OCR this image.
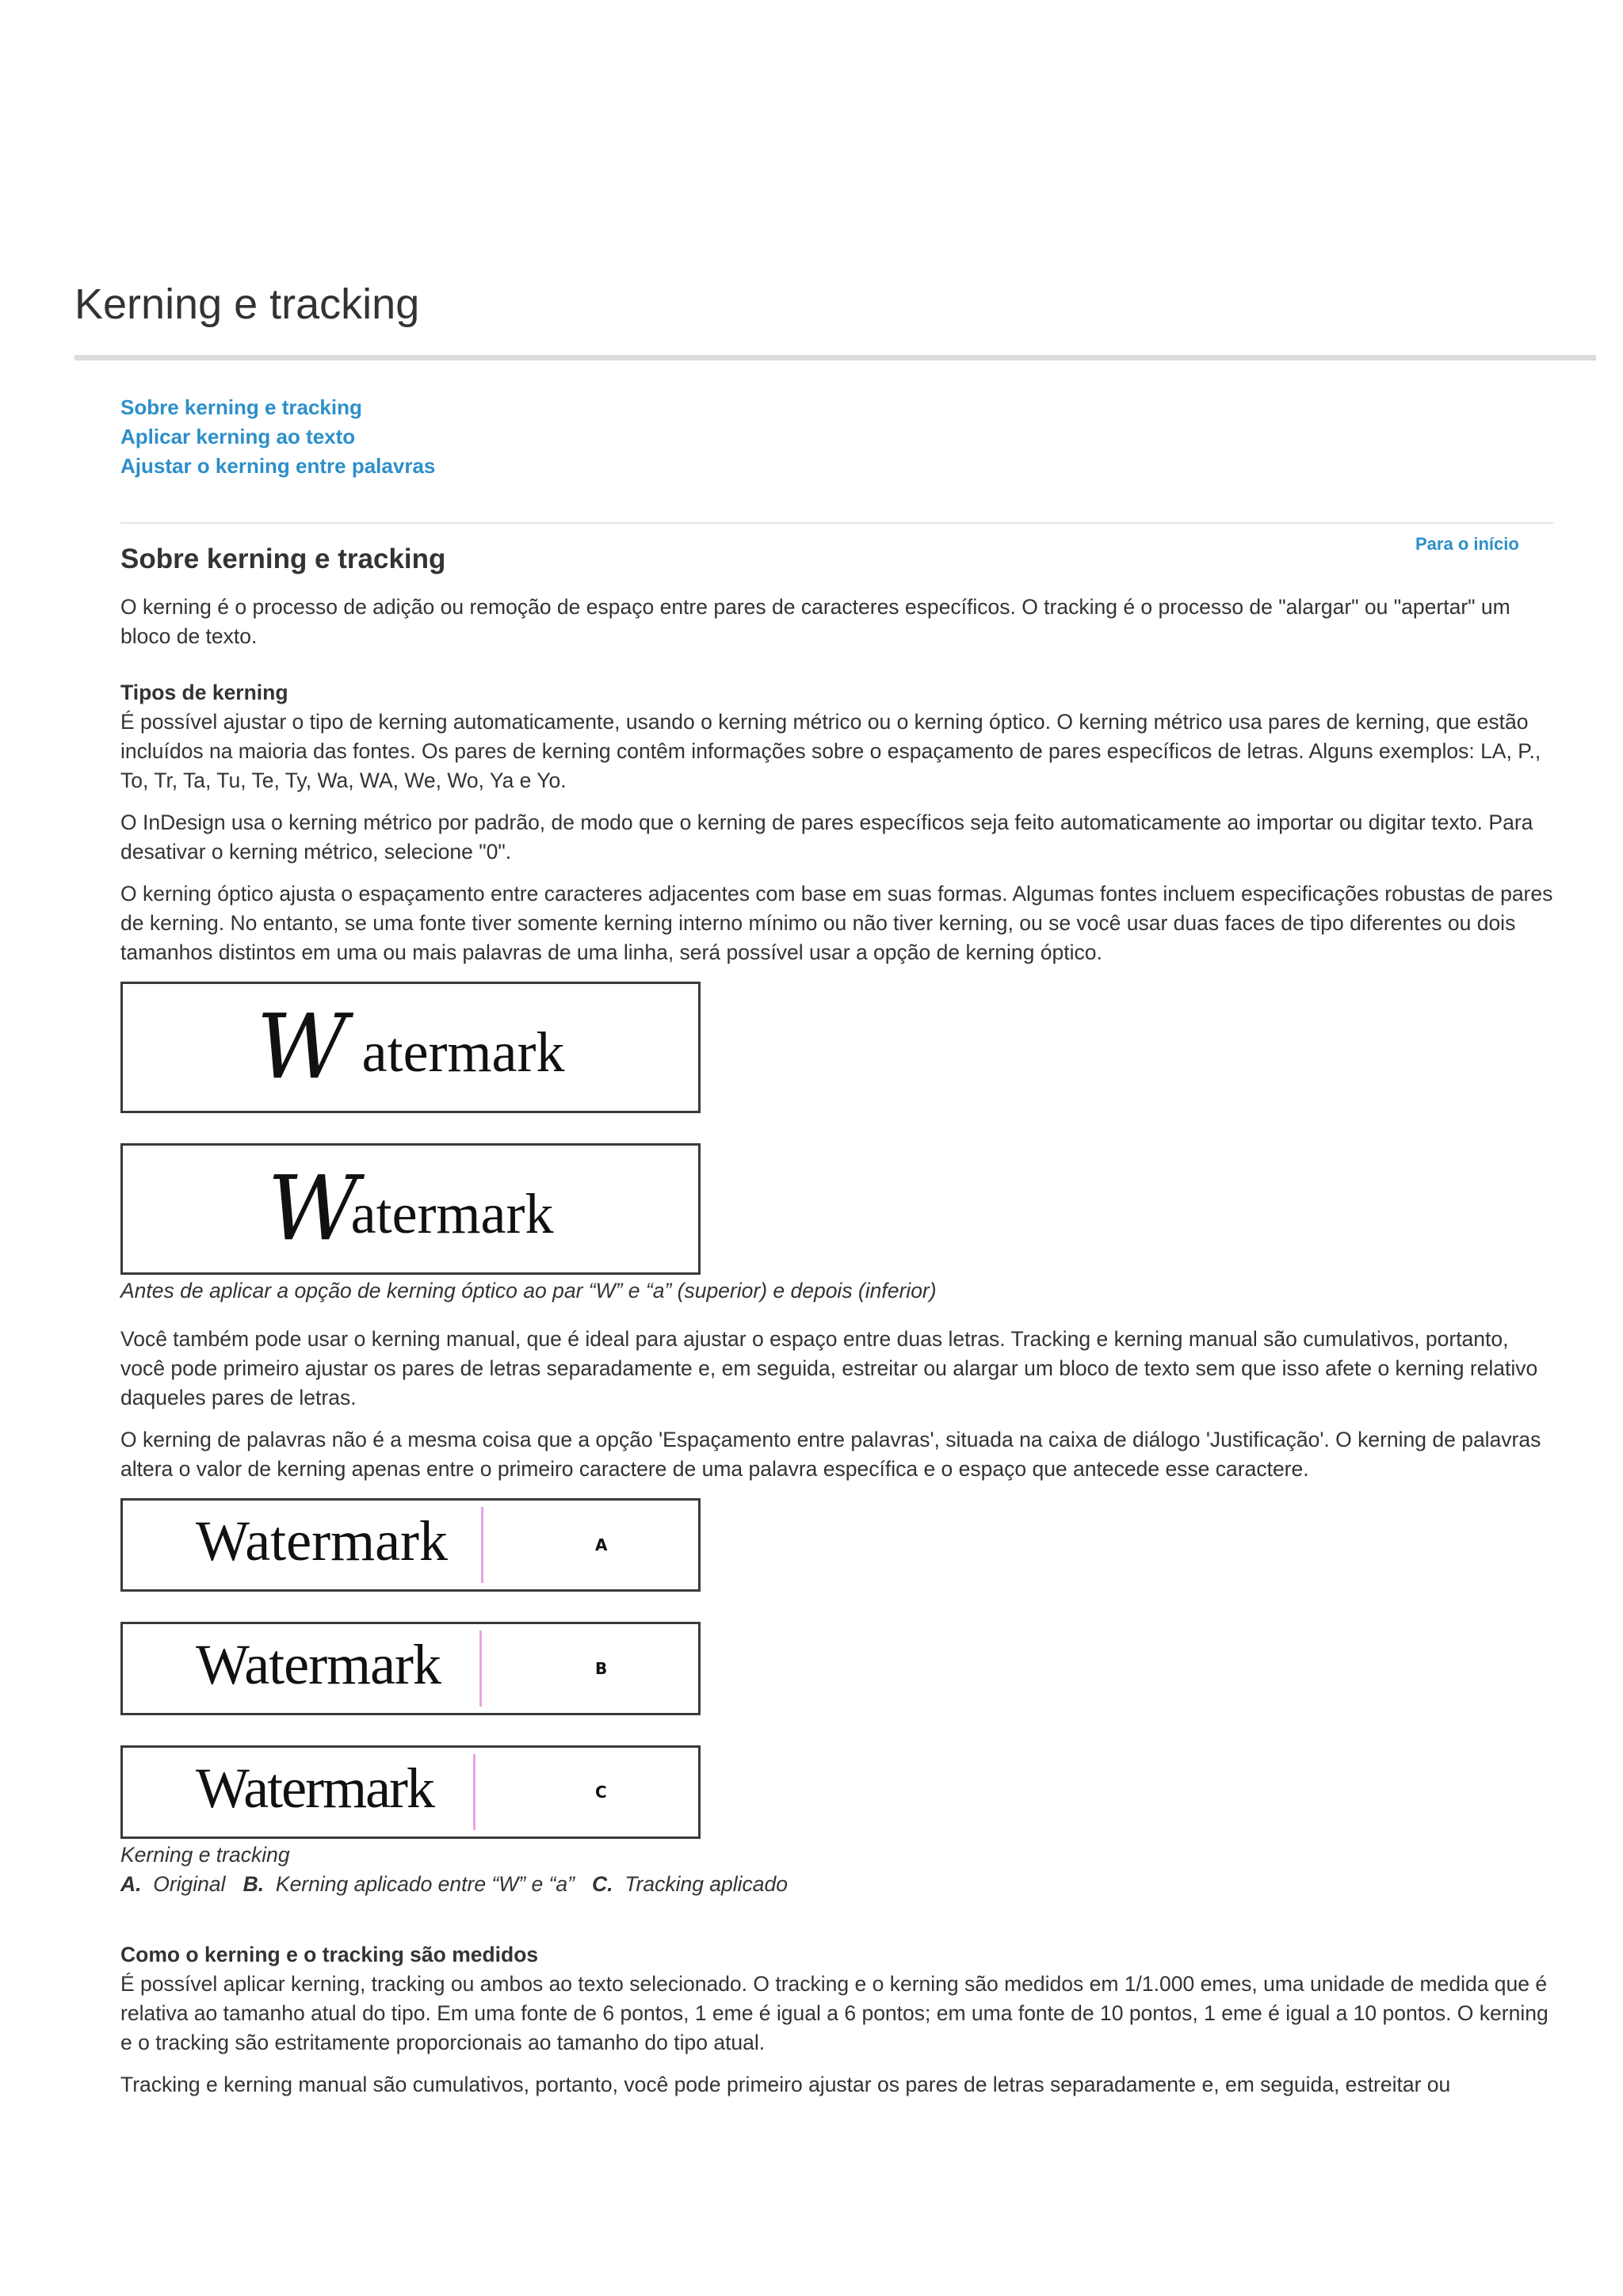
Kerning e tracking
Sobre kerning e tracking
Aplicar kerning ao texto
Ajustar o kerning entre palavras
Para o início
Sobre kerning e tracking

O kerning é o processo de adição ou remoção de espaço entre pares de caracteres específicos. O tracking é o processo de "alargar" ou "apertar" um bloco de texto.

Tipos de kerning

É possível ajustar o tipo de kerning automaticamente, usando o kerning métrico ou o kerning óptico. O kerning métrico usa pares de kerning, que estão incluídos na maioria das fontes. Os pares de kerning contêm informações sobre o espaçamento de pares específicos de letras. Alguns exemplos: LA, P., To, Tr, Ta, Tu, Te, Ty, Wa, WA, We, Wo, Ya e Yo.

O InDesign usa o kerning métrico por padrão, de modo que o kerning de pares específicos seja feito automaticamente ao importar ou digitar texto. Para desativar o kerning métrico, selecione "0".

O kerning óptico ajusta o espaçamento entre caracteres adjacentes com base em suas formas. Algumas fontes incluem especificações robustas de pares de kerning. No entanto, se uma fonte tiver somente kerning interno mínimo ou não tiver kerning, ou se você usar duas faces de tipo diferentes ou dois tamanhos distintos em uma ou mais palavras de uma linha, será possível usar a opção de kerning óptico.

W atermark
W
atermark
Antes de aplicar a opção de kerning óptico ao par “W” e “a” (superior) e depois (inferior)

Você também pode usar o kerning manual, que é ideal para ajustar o espaço entre duas letras. Tracking e kerning manual são cumulativos, portanto, você pode primeiro ajustar os pares de letras separadamente e, em seguida, estreitar ou alargar um bloco de texto sem que isso afete o kerning relativo daqueles pares de letras.

O kerning de palavras não é a mesma coisa que a opção 'Espaçamento entre palavras', situada na caixa de diálogo 'Justificação'. O kerning de palavras altera o valor de kerning apenas entre o primeiro caractere de uma palavra específica e o espaço que antecede esse caractere.

Watermark	A
Watermark	B
Watermark	C
Kerning e tracking
A. Original B. Kerning aplicado entre “W” e “a” C. Tracking aplicado
Como o kerning e o tracking são medidos

É possível aplicar kerning, tracking ou ambos ao texto selecionado. O tracking e o kerning são medidos em 1/1.000 emes, uma unidade de medida que é relativa ao tamanho atual do tipo. Em uma fonte de 6 pontos, 1 eme é igual a 6 pontos; em uma fonte de 10 pontos, 1 eme é igual a 10 pontos. O kerning e o tracking são estritamente proporcionais ao tamanho do tipo atual.

Tracking e kerning manual são cumulativos, portanto, você pode primeiro ajustar os pares de letras separadamente e, em seguida, estreitar ou
